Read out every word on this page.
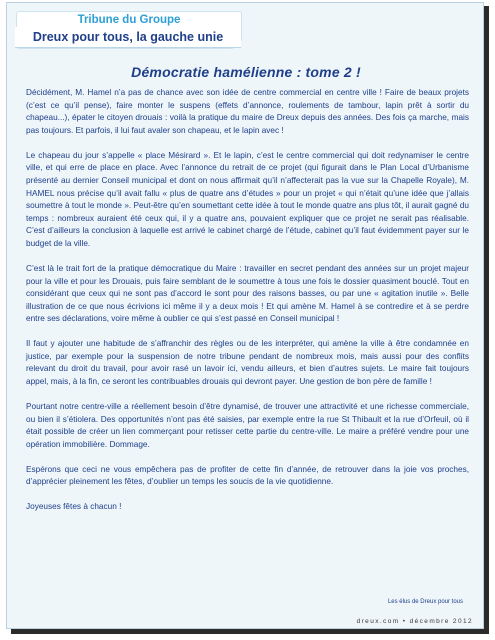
Tribune du Groupe
Dreux pour tous, la gauche unie
Démocratie hamélienne : tome 2 !

Décidément, M. Hamel n’a pas de chance avec son idée de centre commercial en centre ville ! Faire de beaux projets (c’est ce qu’il pense), faire monter le suspens (effets d’annonce, roulements de tambour, lapin prêt à sortir du chapeau...), épater le citoyen drouais : voilà la pratique du maire de Dreux depuis des années. Des fois ça marche, mais pas toujours. Et parfois, il lui faut avaler son chapeau, et le lapin avec !

Le chapeau du jour s’appelle « place Mésirard ». Et le lapin, c’est le centre commercial qui doit redynamiser le centre ville, et qui erre de place en place. Avec l’annonce du retrait de ce projet (qui figurait dans le Plan Local d’Urbanisme présenté au dernier Conseil municipal et dont on nous affirmait qu’il n’affecterait pas la vue sur la Chapelle Royale), M. HAMEL nous précise qu’il avait fallu « plus de quatre ans d’études » pour un projet « qui n’était qu’une idée que j’allais soumettre à tout le monde ». Peut-être qu’en soumettant cette idée à tout le monde quatre ans plus tôt, il aurait gagné du temps : nombreux auraient été ceux qui, il y a quatre ans, pouvaient expliquer que ce projet ne serait pas réalisable. C’est d’ailleurs la conclusion à laquelle est arrivé le cabinet chargé de l’étude, cabinet qu’il faut évidemment payer sur le budget de la ville.

C’est là le trait fort de la pratique démocratique du Maire : travailler en secret pendant des années sur un projet majeur pour la ville et pour les Drouais, puis faire semblant de le soumettre à tous une fois le dossier quasiment bouclé. Tout en considérant que ceux qui ne sont pas d’accord le sont pour des raisons basses, ou par une « agitation inutile ». Belle illustration de ce que nous écrivions ici même il y a deux mois ! Et qui amène M. Hamel à se contredire et à se perdre entre ses déclarations, voire même à oublier ce qui s’est passé en Conseil municipal !

Il faut y ajouter une habitude de s’affranchir des règles ou de les interpréter, qui amène la ville à être condamnée en justice, par exemple pour la suspension de notre tribune pendant de nombreux mois, mais aussi pour des conflits relevant du droit du travail, pour avoir rasé un lavoir ici, vendu ailleurs, et bien d’autres sujets. Le maire fait toujours appel, mais, à la fin, ce seront les contribuables drouais qui devront payer. Une gestion de bon père de famille !

Pourtant notre centre-ville a réellement besoin d’être dynamisé, de trouver une attractivité et une richesse commerciale, ou bien il s’étiolera. Des opportunités n’ont pas été saisies, par exemple entre la rue St Thibault et la rue d’Orfeuil, où il était possible de créer un lien commerçant pour retisser cette partie du centre-ville. Le maire a préféré vendre pour une opération immobilière. Dommage.

Espérons que ceci ne vous empêchera pas de profiter de cette fin d’année, de retrouver dans la joie vos proches, d’apprécier pleinement les fêtes, d’oublier un temps les soucis de la vie quotidienne.

Joyeuses fêtes à chacun !

Les élus de Dreux pour tous
dreux.com • décembre 2012
